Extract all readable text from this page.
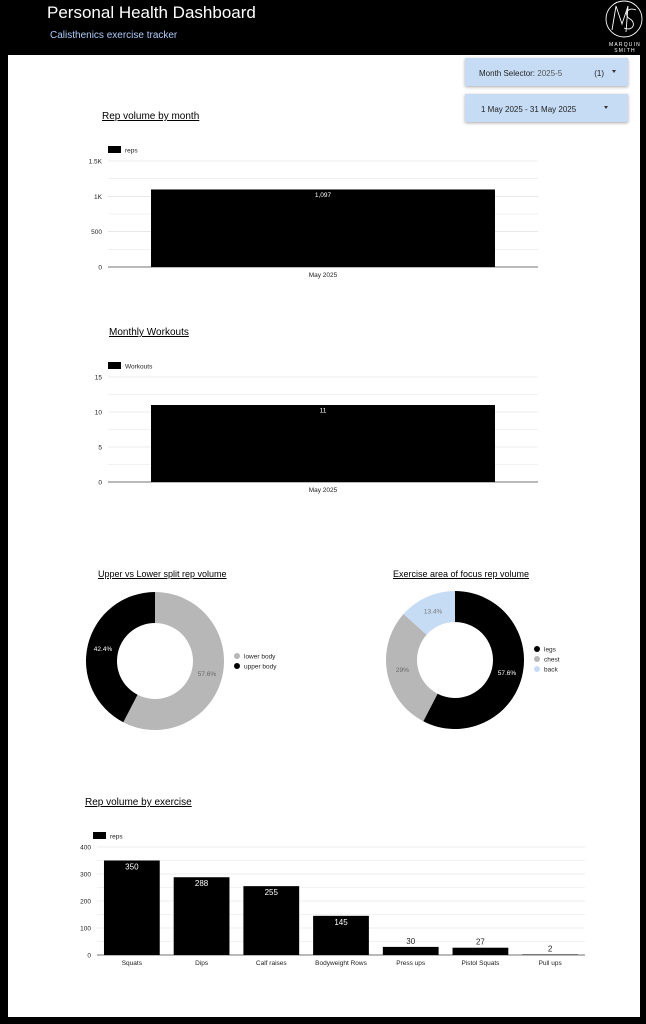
Personal Health Dashboard
Calisthenics exercise tracker
MARQUIN
SMITH
Month Selector: 2025-5	(1)
1 May 2025 - 31 May 2025
Rep volume by month
Monthly Workouts
Upper vs Lower split rep volume	Exercise area of focus rep volume
Rep volume by exercise
0
500
1K
1.5K
reps
1,097
May 2025
0
5
10
15
Workouts
11
May 2025
57.6%
42.4%
lower body
upper body
57.6%
29%
13.4%
legs
chest
back
0
100
200
300
400
reps
350
Squats
288
Dips
255
Calf raises
145
Bodyweight Rows
30
Press ups
27
Pistol Squats
2
Pull ups
